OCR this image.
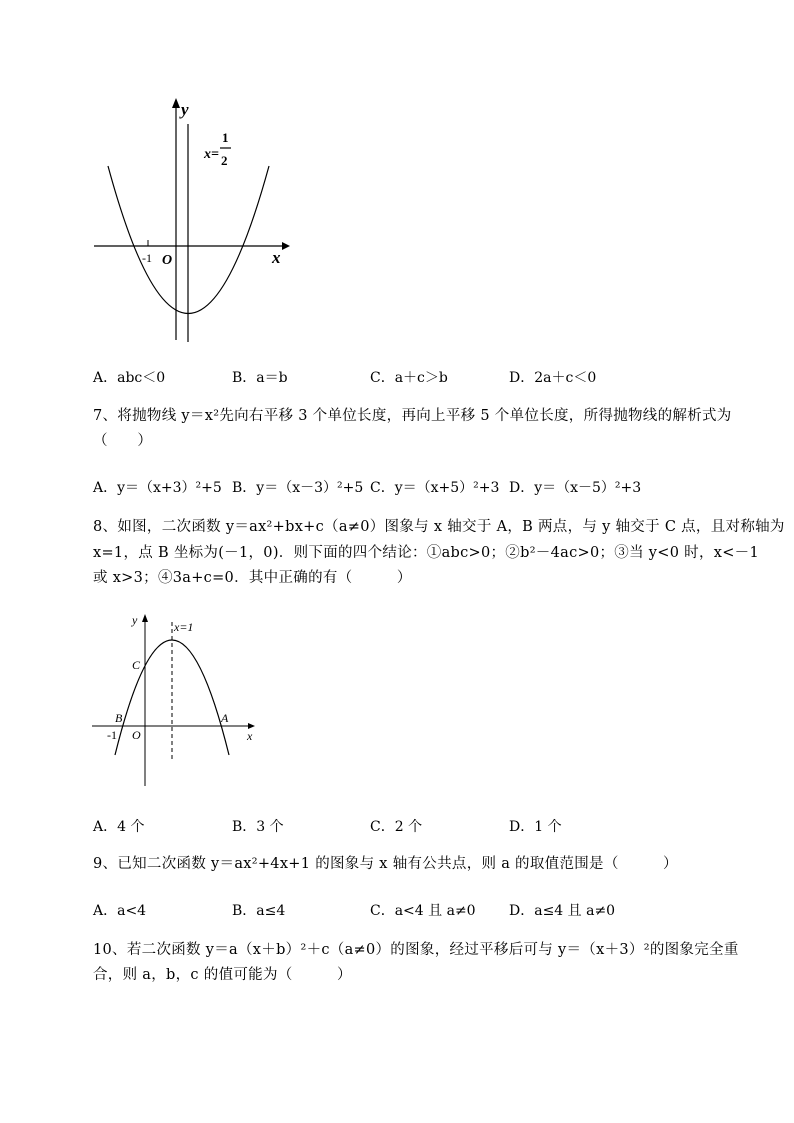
y
x
O
-1
x=
1
2
A．abc＜0	B．a＝b	C．a＋c＞b	D．2a＋c＜0
7、将抛物线 y＝x²先向右平移 3 个单位长度，再向上平移 5 个单位长度，所得抛物线的解析式为
（　　）
A．y＝（x+3）²+5 B．y＝（x－3）²+5 C．y＝（x+5）²+3 D．y＝（x－5）²+3
8、如图，二次函数 y＝ax²+bx+c（a≠0）图象与 x 轴交于 A，B 两点，与 y 轴交于 C 点，且对称轴为
x=1，点 B 坐标为(－1，0)．则下面的四个结论：①abc>0；②b²－4ac>0；③当 y<0 时，x<－1
或 x>3；④3a+c=0．其中正确的有（　　　）
y
x
x=1
C
B	A
O
-1
A．4 个	B．3 个	C．2 个	D．1 个
9、已知二次函数 y＝ax²+4x+1 的图象与 x 轴有公共点，则 a 的取值范围是（　　　）
A．a<4	B．a≤4	C．a<4 且 a≠0 D．a≤4 且 a≠0
10、若二次函数 y＝a（x＋b）²＋c（a≠0）的图象，经过平移后可与 y＝（x＋3）²的图象完全重
合，则 a，b，c 的值可能为（　　　）
